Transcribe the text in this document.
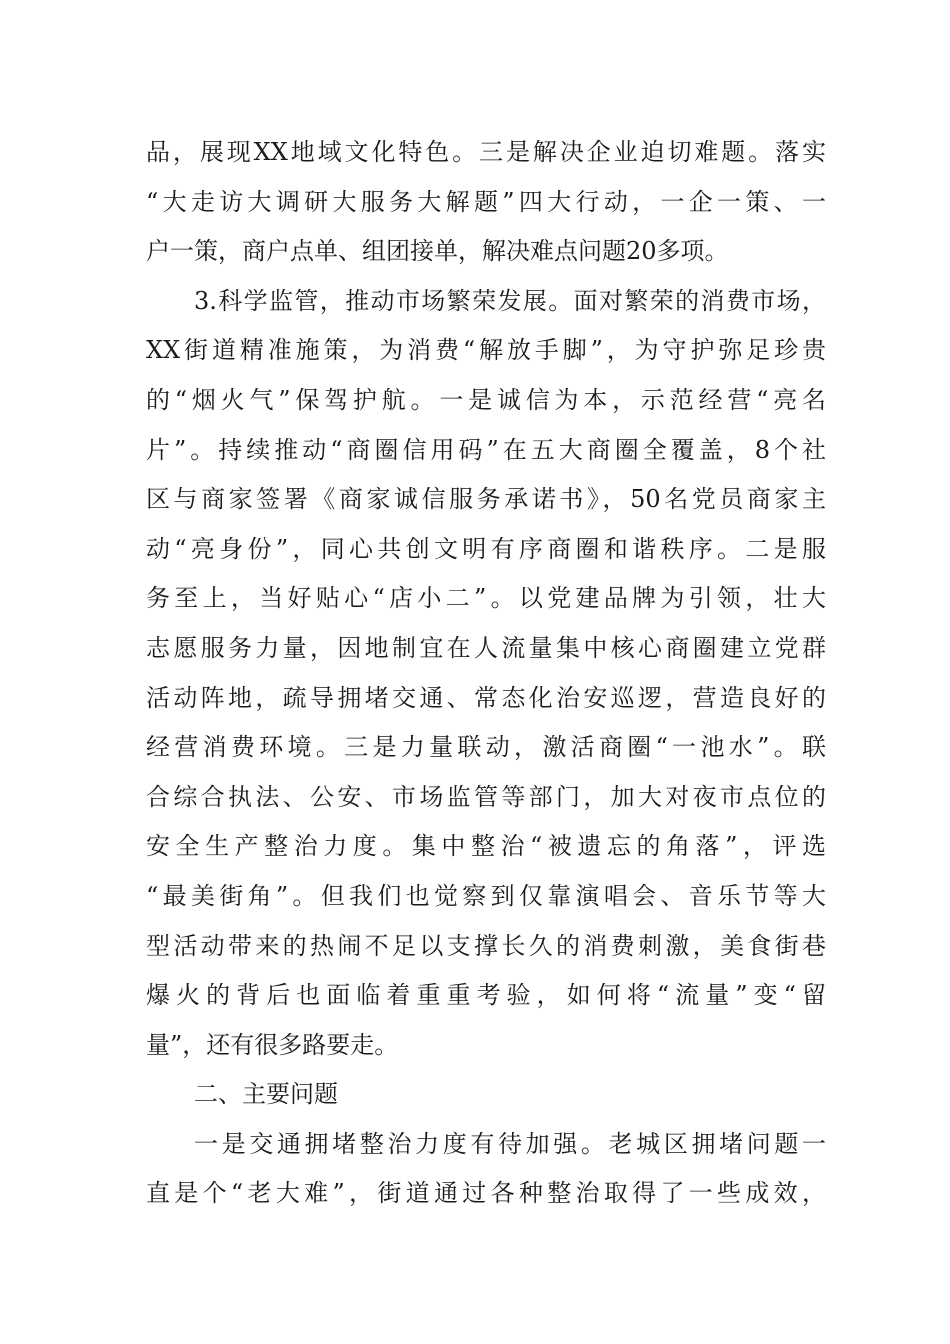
品，展现XX地域文化特色。三是解决企业迫切难题。落实
“大走访大调研大服务大解题”四大行动，一企一策、一
户一策，商户点单、组团接单，解决难点问题20多项。
3.科学监管，推动市场繁荣发展。面对繁荣的消费市场，
XX街道精准施策，为消费“解放手脚”，为守护弥足珍贵
的“烟火气”保驾护航。一是诚信为本，示范经营“亮名
片”。持续推动“商圈信用码”在五大商圈全覆盖，8个社
区与商家签署《商家诚信服务承诺书》，50名党员商家主
动“亮身份”，同心共创文明有序商圈和谐秩序。二是服
务至上，当好贴心“店小二”。以党建品牌为引领，壮大
志愿服务力量，因地制宜在人流量集中核心商圈建立党群
活动阵地，疏导拥堵交通、常态化治安巡逻，营造良好的
经营消费环境。三是力量联动，激活商圈“一池水”。联
合综合执法、公安、市场监管等部门，加大对夜市点位的
安全生产整治力度。集中整治“被遗忘的角落”，评选
“最美街角”。但我们也觉察到仅靠演唱会、音乐节等大
型活动带来的热闹不足以支撑长久的消费刺激，美食街巷
爆火的背后也面临着重重考验，如何将“流量”变“留
量”，还有很多路要走。
二、主要问题
一是交通拥堵整治力度有待加强。老城区拥堵问题一
直是个“老大难”，街道通过各种整治取得了一些成效，
